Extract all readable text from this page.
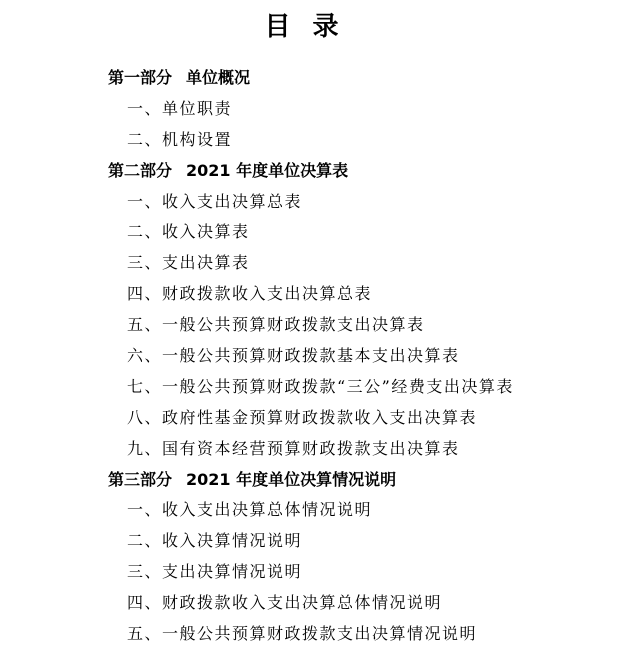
目录
第一部分 单位概况
一、单位职责
二、机构设置
第二部分 2021 年度单位决算表
一、收入支出决算总表
二、收入决算表
三、支出决算表
四、财政拨款收入支出决算总表
五、一般公共预算财政拨款支出决算表
六、一般公共预算财政拨款基本支出决算表
七、一般公共预算财政拨款“三公”经费支出决算表
八、政府性基金预算财政拨款收入支出决算表
九、国有资本经营预算财政拨款支出决算表
第三部分 2021 年度单位决算情况说明
一、收入支出决算总体情况说明
二、收入决算情况说明
三、支出决算情况说明
四、财政拨款收入支出决算总体情况说明
五、一般公共预算财政拨款支出决算情况说明
